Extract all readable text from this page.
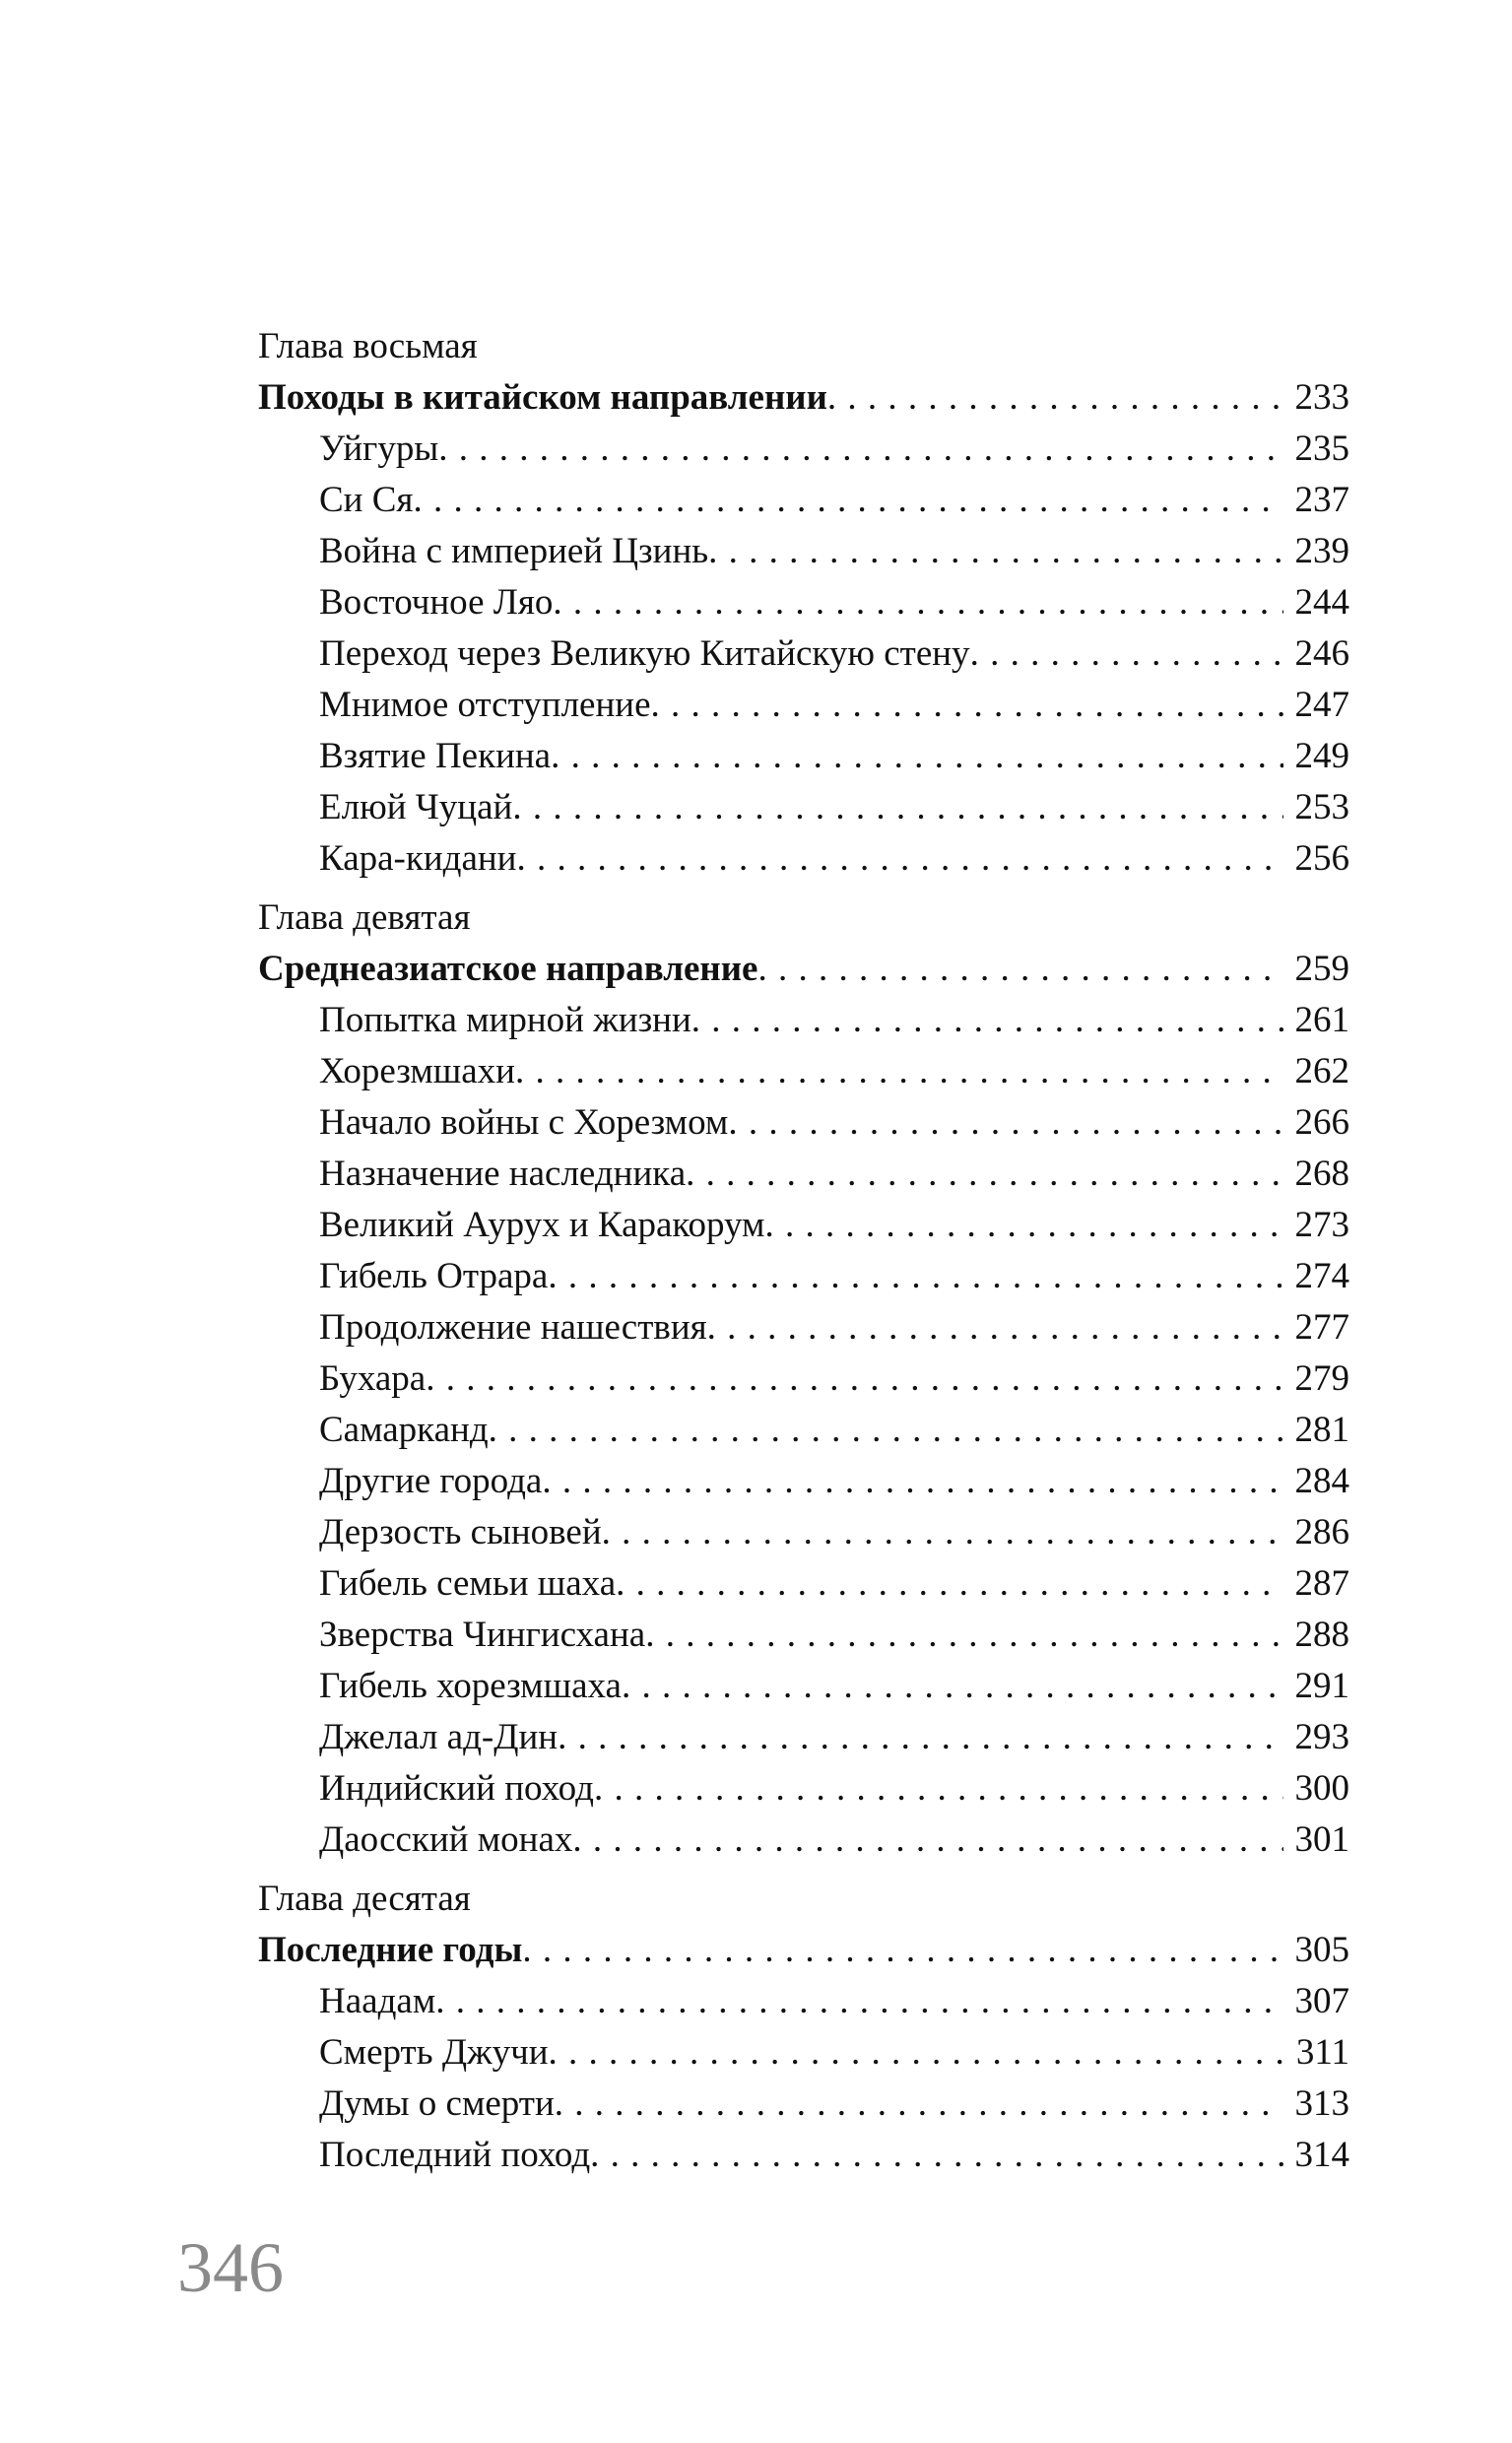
Глава восьмая
Походы в китайском направлении . . .	233
Уйгуры . . .	235
Си Ся . . .	237
Война с империей Цзинь . . .	239
Восточное Ляо . . .	244
Переход через Великую Китайскую стену . . .	246
Мнимое отступление . . .	247
Взятие Пекина . . .	249
Елюй Чуцай . . .	253
Кара-кидани . . .	256
Глава девятая
Среднеазиатское направление . . .	259
Попытка мирной жизни . . .	261
Хорезмшахи . . .	262
Начало войны с Хорезмом . . .	266
Назначение наследника . . .	268
Великий Аурух и Каракорум . . .	273
Гибель Отрара . . .	274
Продолжение нашествия . . .	277
Бухара . . .	279
Самарканд . . .	281
Другие города . . .	284
Дерзость сыновей . . .	286
Гибель семьи шаха . . .	287
Зверства Чингисхана . . .	288
Гибель хорезмшаха . . .	291
Джелал ад-Дин . . .	293
Индийский поход . . .	300
Даосский монах . . .	301
Глава десятая
Последние годы . . .	305
Наадам . . .	307
Смерть Джучи . . .	311
Думы о смерти . . .	313
Последний поход . . .	314
346
